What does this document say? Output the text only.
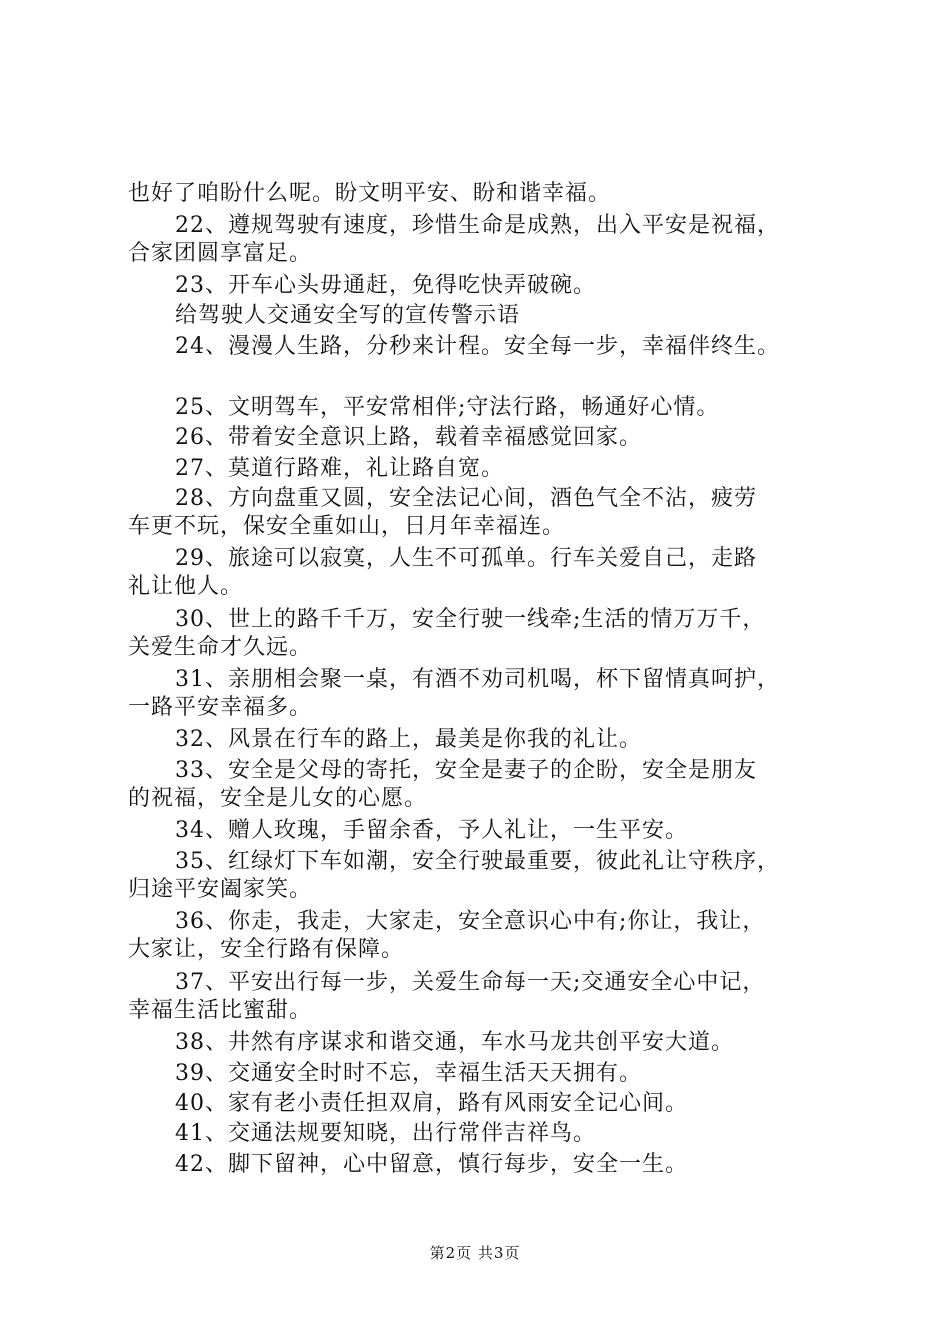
也好了咱盼什么呢。盼文明平安、盼和谐幸福。
22、遵规驾驶有速度，珍惜生命是成熟，出入平安是祝福，
合家团圆享富足。
23、开车心头毋通赶，免得吃快弄破碗。
给驾驶人交通安全写的宣传警示语
24、漫漫人生路，分秒来计程。安全每一步，幸福伴终生。
25、文明驾车，平安常相伴;守法行路，畅通好心情。
26、带着安全意识上路，载着幸福感觉回家。
27、莫道行路难，礼让路自宽。
28、方向盘重又圆，安全法记心间，酒色气全不沾，疲劳
车更不玩，保安全重如山，日月年幸福连。
29、旅途可以寂寞，人生不可孤单。行车关爱自己，走路
礼让他人。
30、世上的路千千万，安全行驶一线牵;生活的情万万千，
关爱生命才久远。
31、亲朋相会聚一桌，有酒不劝司机喝，杯下留情真呵护，
一路平安幸福多。
32、风景在行车的路上，最美是你我的礼让。
33、安全是父母的寄托，安全是妻子的企盼，安全是朋友
的祝福，安全是儿女的心愿。
34、赠人玫瑰，手留余香，予人礼让，一生平安。
35、红绿灯下车如潮，安全行驶最重要，彼此礼让守秩序，
归途平安阖家笑。
36、你走，我走，大家走，安全意识心中有;你让，我让，
大家让，安全行路有保障。
37、平安出行每一步，关爱生命每一天;交通安全心中记，
幸福生活比蜜甜。
38、井然有序谋求和谐交通，车水马龙共创平安大道。
39、交通安全时时不忘，幸福生活天天拥有。
40、家有老小责任担双肩，路有风雨安全记心间。
41、交通法规要知晓，出行常伴吉祥鸟。
42、脚下留神，心中留意，慎行每步，安全一生。
第2页 共3页
